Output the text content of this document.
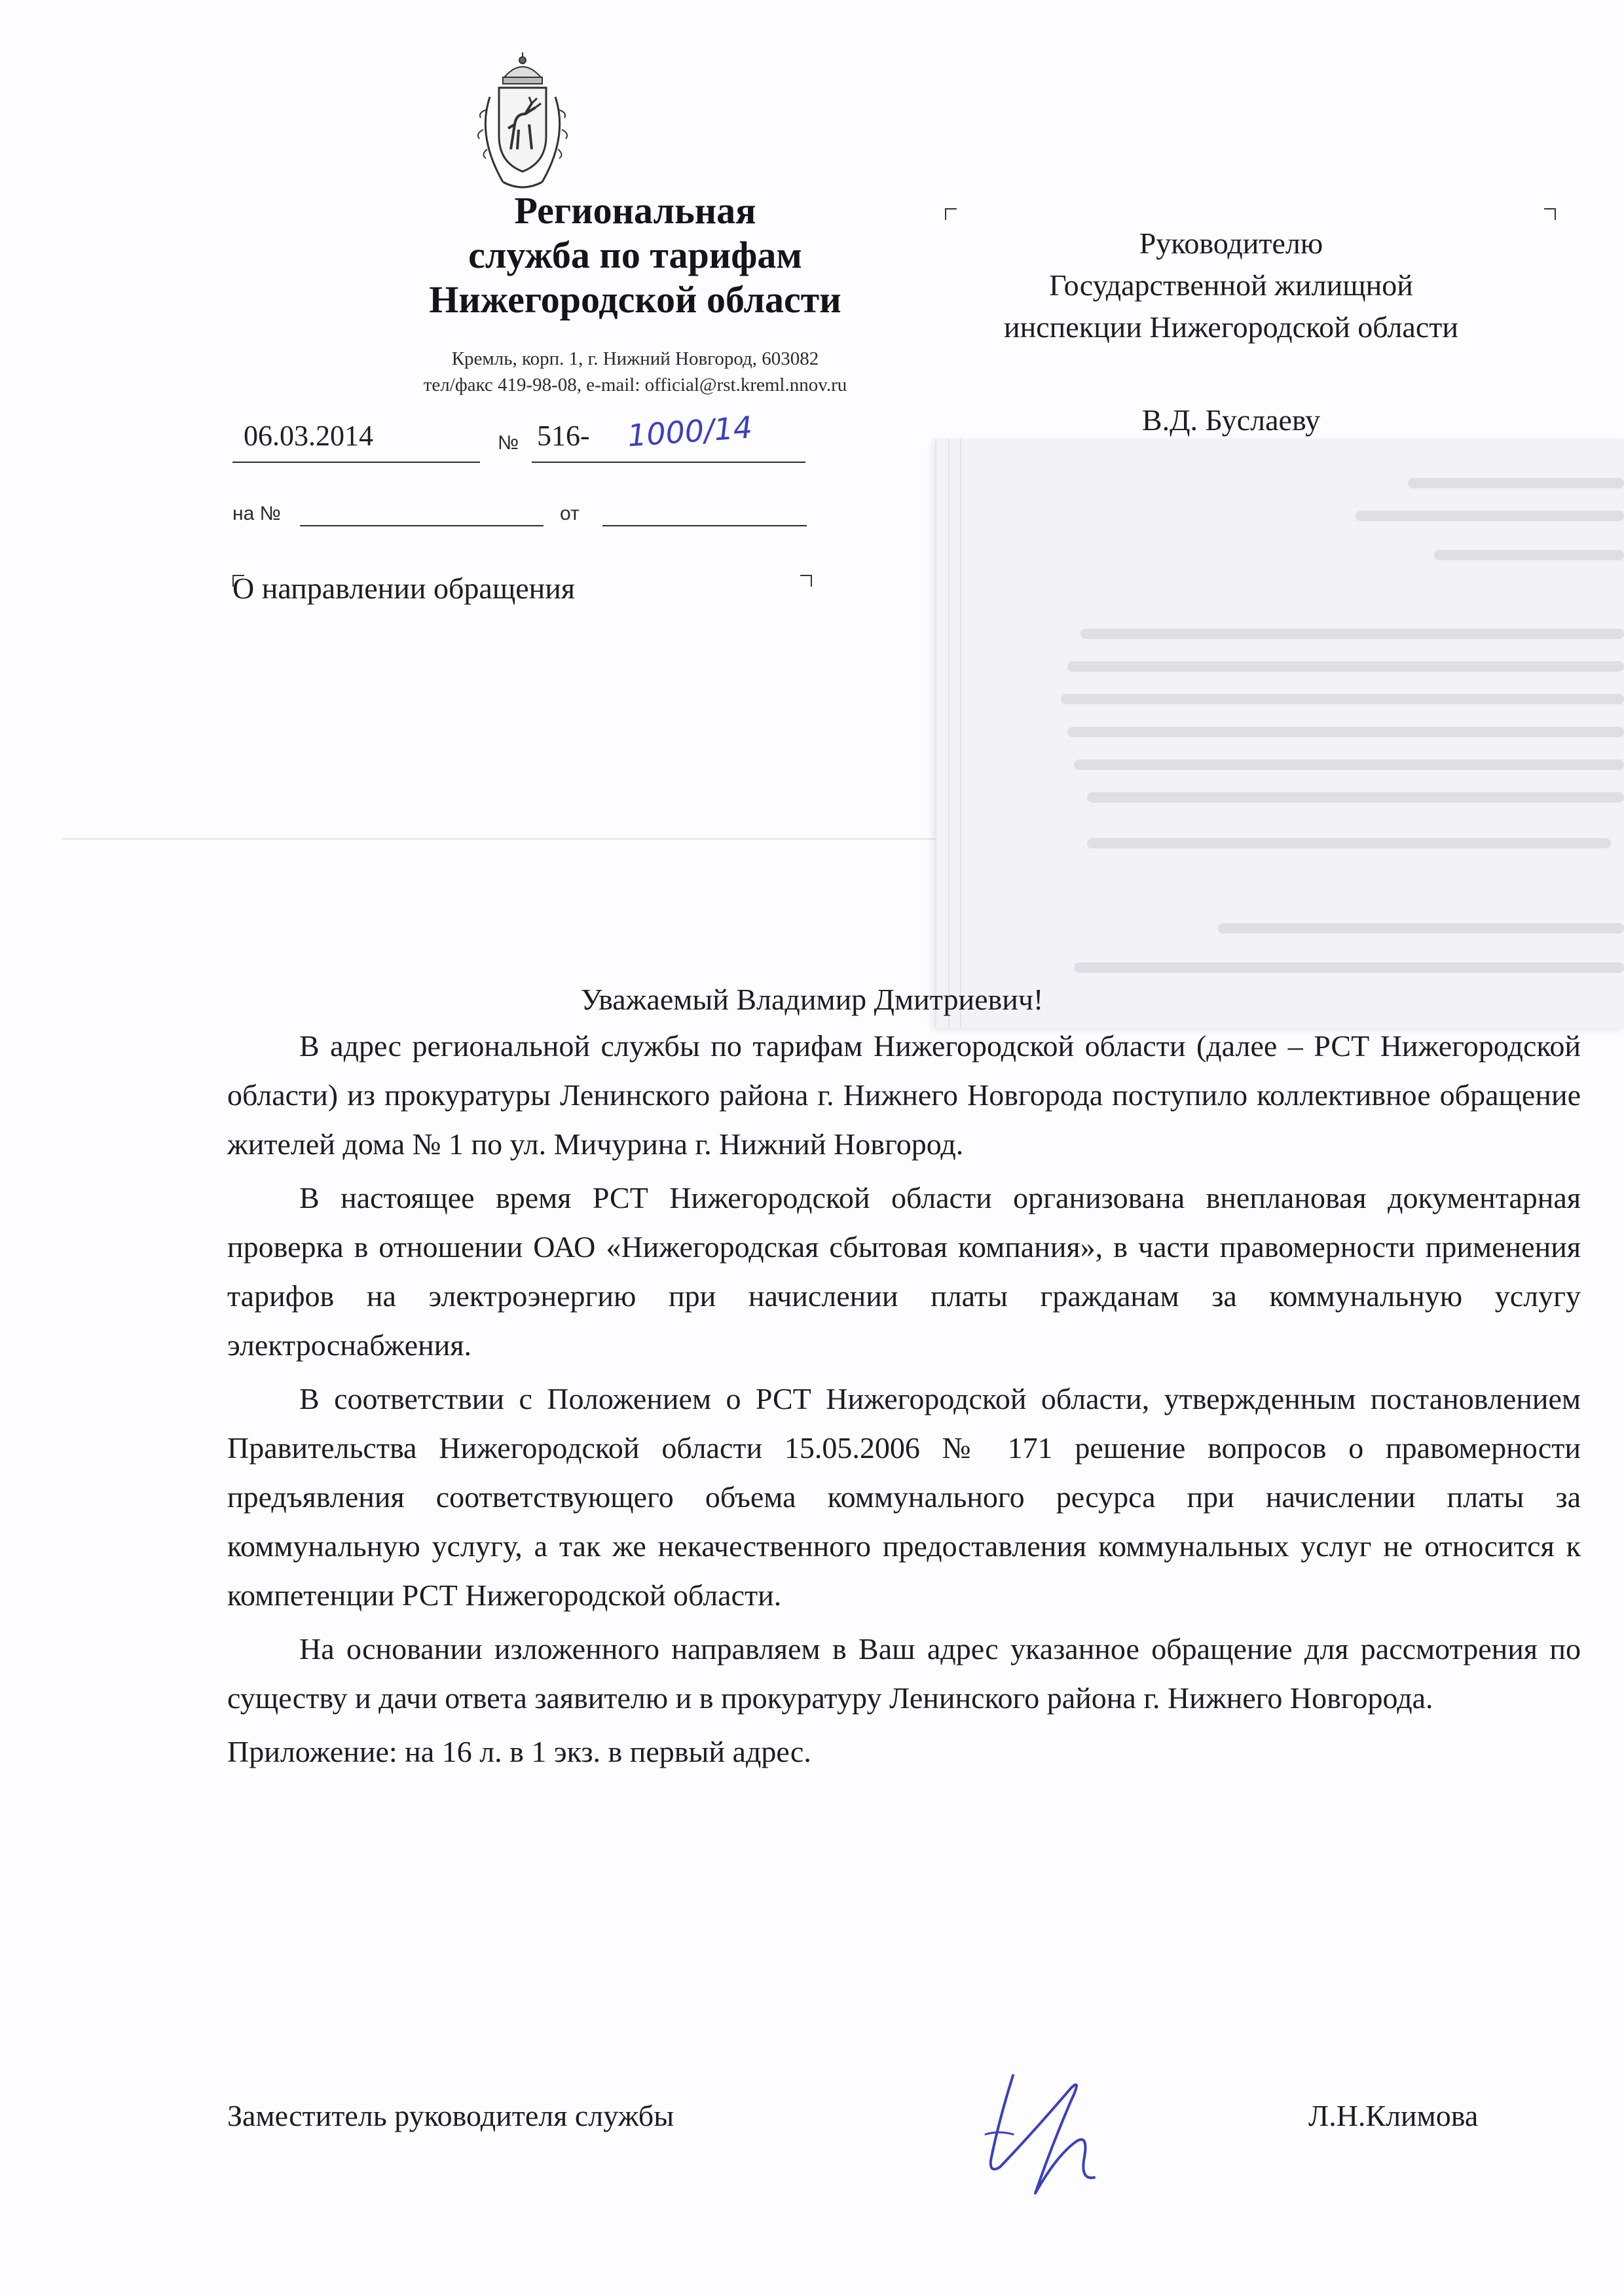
Региональная
служба по тарифам
Нижегородской области
Кремль, корп. 1, г. Нижний Новгород, 603082
тел/факс 419-98-08, e-mail: official@rst.kreml.nnov.ru
06.03.2014	№ 516- 1000/14
на №	от
О направлении обращения
Руководителю
Государственной жилищной
инспекции Нижегородской области
В.Д. Буслаеву
Уважаемый Владимир Дмитриевич!

В адрес региональной службы по тарифам Нижегородской области (далее – РСТ Нижегородской области) из прокуратуры Ленинского района г. Нижнего Новгорода поступило коллективное обращение жителей дома № 1 по ул. Мичурина г. Нижний Новгород.

В настоящее время РСТ Нижегородской области организована внеплановая документарная проверка в отношении ОАО «Нижегородская сбытовая компания», в части правомерности применения тарифов на электроэнергию при начислении платы гражданам за коммунальную услугу электроснабжения.

В соответствии с Положением о РСТ Нижегородской области, утвержденным постановлением Правительства Нижегородской области 15.05.2006 № 171 решение вопросов о правомерности предъявления соответствующего объема коммунального ресурса при начислении платы за коммунальную услугу, а так же некачественного предоставления коммунальных услуг не относится к компетенции РСТ Нижегородской области.

На основании изложенного направляем в Ваш адрес указанное обращение для рассмотрения по существу и дачи ответа заявителю и в прокуратуру Ленинского района г. Нижнего Новгорода.

Приложение: на 16 л. в 1 экз. в первый адрес.

Заместитель руководителя службы	Л.Н.Климова
